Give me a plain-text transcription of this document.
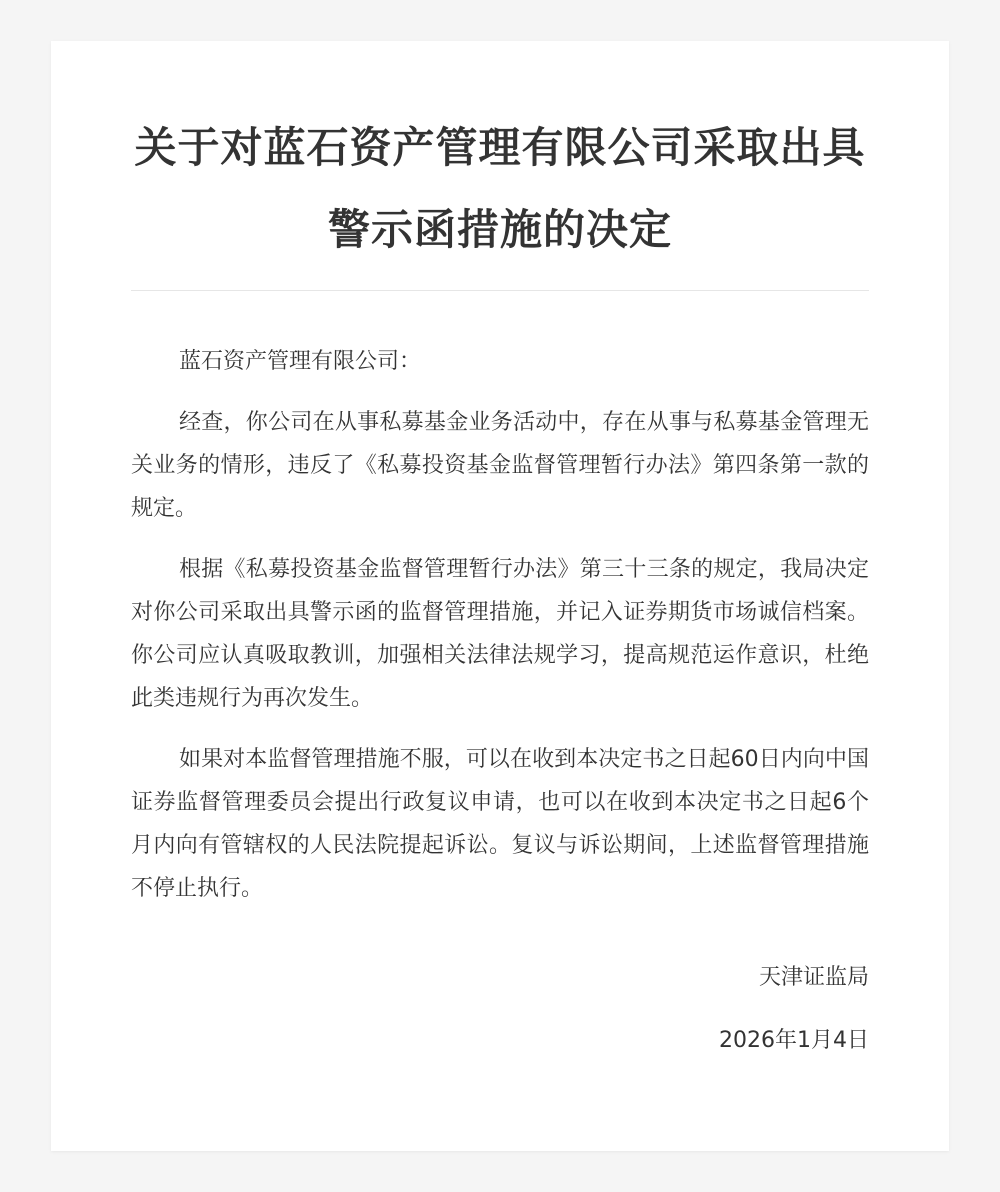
关于对蓝石资产管理有限公司采取出具警示函措施的决定

蓝石资产管理有限公司：

经查，你公司在从事私募基金业务活动中，存在从事与私募基金管理无关业务的情形，违反了《私募投资基金监督管理暂行办法》第四条第一款的规定。

根据《私募投资基金监督管理暂行办法》第三十三条的规定，我局决定对你公司采取出具警示函的监督管理措施，并记入证券期货市场诚信档案。你公司应认真吸取教训，加强相关法律法规学习，提高规范运作意识，杜绝此类违规行为再次发生。

如果对本监督管理措施不服，可以在收到本决定书之日起60日内向中国证券监督管理委员会提出行政复议申请，也可以在收到本决定书之日起6个月内向有管辖权的人民法院提起诉讼。复议与诉讼期间，上述监督管理措施不停止执行。

天津证监局

2026年1月4日
